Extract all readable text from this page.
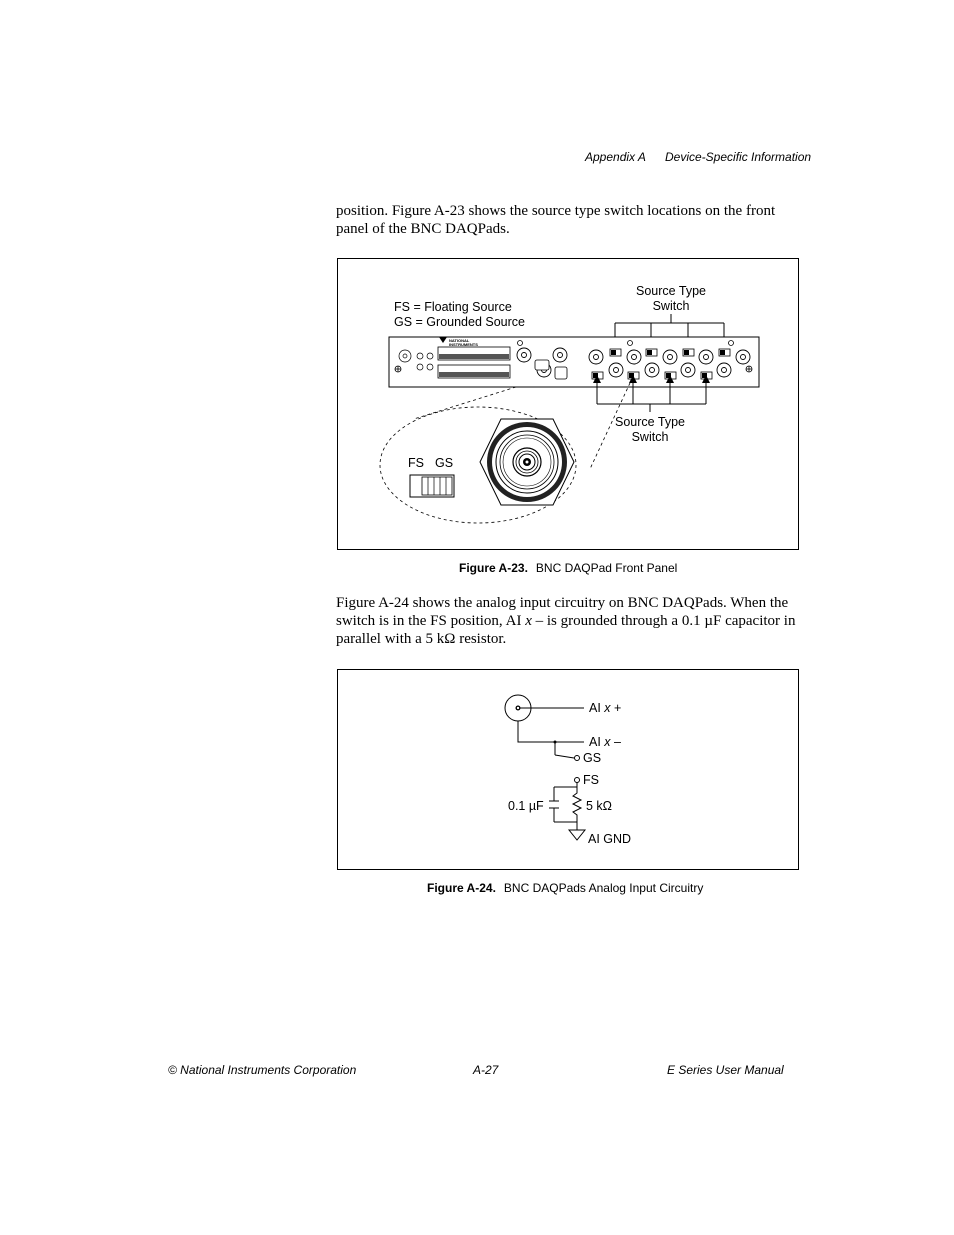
Appendix A Device-Specific Information
position. Figure A-23 shows the source type switch locations on the front panel of the BNC DAQPads.
FS = Floating Source
GS = Grounded Source
Source Type
Switch
NATIONAL
INSTRUMENTS
Source Type
Switch
FS GS
Figure A-23. BNC DAQPad Front Panel
Figure A-24 shows the analog input circuitry on BNC DAQPads. When the switch is in the FS position, AI x – is grounded through a 0.1 µF capacitor in parallel with a 5 kΩ resistor.
AI x +
AI x –
GS
FS
0.1 µF	5 kΩ
AI GND
Figure A-24. BNC DAQPads Analog Input Circuitry
© National Instruments Corporation	A-27	E Series User Manual
